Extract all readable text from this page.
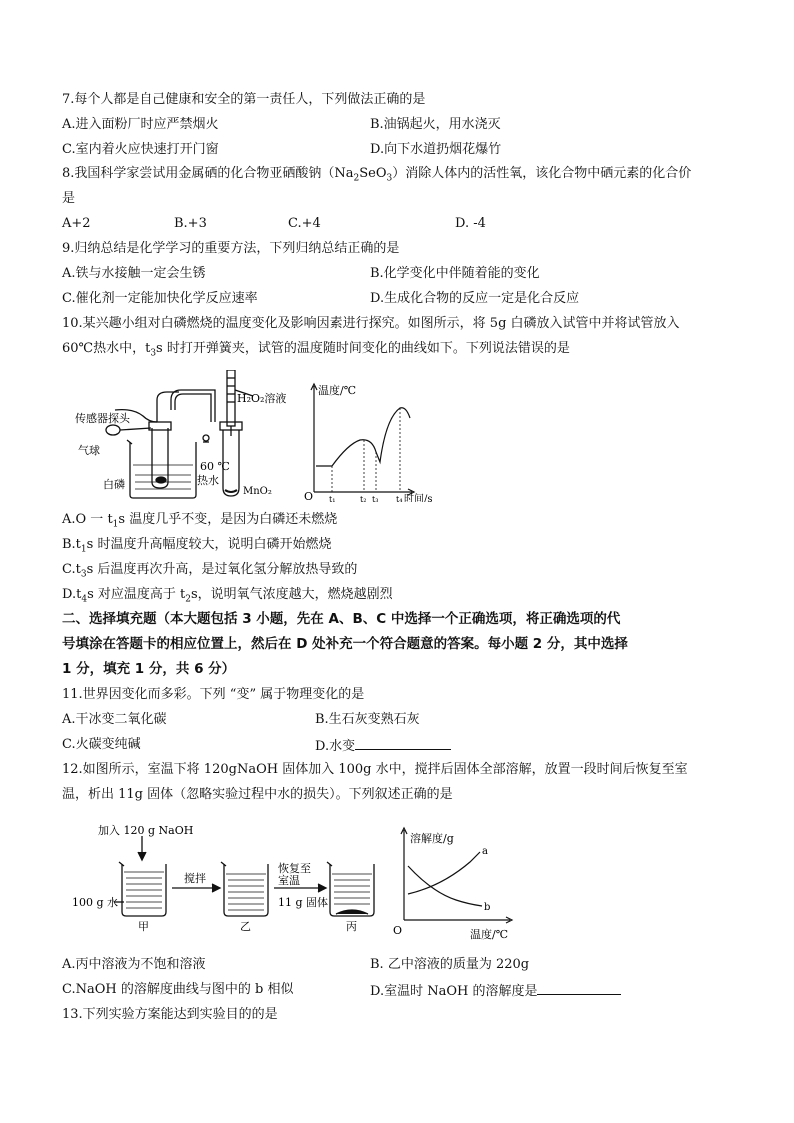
7.每个人都是自己健康和安全的第一责任人，下列做法正确的是
A.进入面粉厂时应严禁烟火	B.油锅起火，用水浇灭
C.室内着火应快速打开门窗	D.向下水道扔烟花爆竹
8.我国科学家尝试用金属硒的化合物亚硒酸钠$(Na_2SeO_3)$消除人体内的活性氧，该化合物中硒元素的化合价
是
A+2	B.+3	C.+4	D. -4
9.归纳总结是化学学习的重要方法，下列归纳总结正确的是
A.铁与水接触一定会生锈	B.化学变化中伴随着能的变化
C.催化剂一定能加快化学反应速率	D.生成化合物的反应一定是化合反应
10.某兴趣小组对白磷燃烧的温度变化及影响因素进行探究。如图所示，将 5g 白磷放入试管中并将试管放入
60℃热水中，$t_3s$ 时打开弹簧夹，试管的温度随时间变化的曲线如下。下列说法错误的是
传感器探头
气球
白磷
60 ℃
热水
MnO₂
H₂O₂溶液
温度/℃
O t₁	t₂ t₃ t₄ 时间/s
A.O 一 $t_1s$ 温度几乎不变，是因为白磷还未燃烧
$B.t_1s$ 时温度升高幅度较大，说明白磷开始燃烧
$C.t_3s$ 后温度再次升高，是过氧化氢分解放热导致的
$D.t_4s$ 对应温度高于 $t_2s$，说明氧气浓度越大，燃烧越剧烈
二、选择填充题（本大题包括 3 小题，先在 A、B、C 中选择一个正确选项，将正确选项的代
号填涂在答题卡的相应位置上，然后在 D 处补充一个符合题意的答案。每小题 2 分，其中选择
1 分，填充 1 分，共 6 分）
11.世界因变化而多彩。下列 “变” 属于物理变化的是
A.干冰变二氧化碳	B.生石灰变熟石灰
C.火碳变纯碱	D.水变
12.如图所示，室温下将 120gNaOH 固体加入 100g 水中，搅拌后固体全部溶解，放置一段时间后恢复至室
温，析出 11g 固体（忽略实验过程中水的损失）。下列叙述正确的是
加入 120 g NaOH
100 g 水
搅拌
恢复至
室温
11 g 固体
甲	乙	丙
溶解度/g
O	温度/℃
a
b
A.丙中溶液为不饱和溶液	B. 乙中溶液的质量为 220g
C.NaOH 的溶解度曲线与图中的 b 相似	D.室温时 NaOH 的溶解度是
13.下列实验方案能达到实验目的的是
